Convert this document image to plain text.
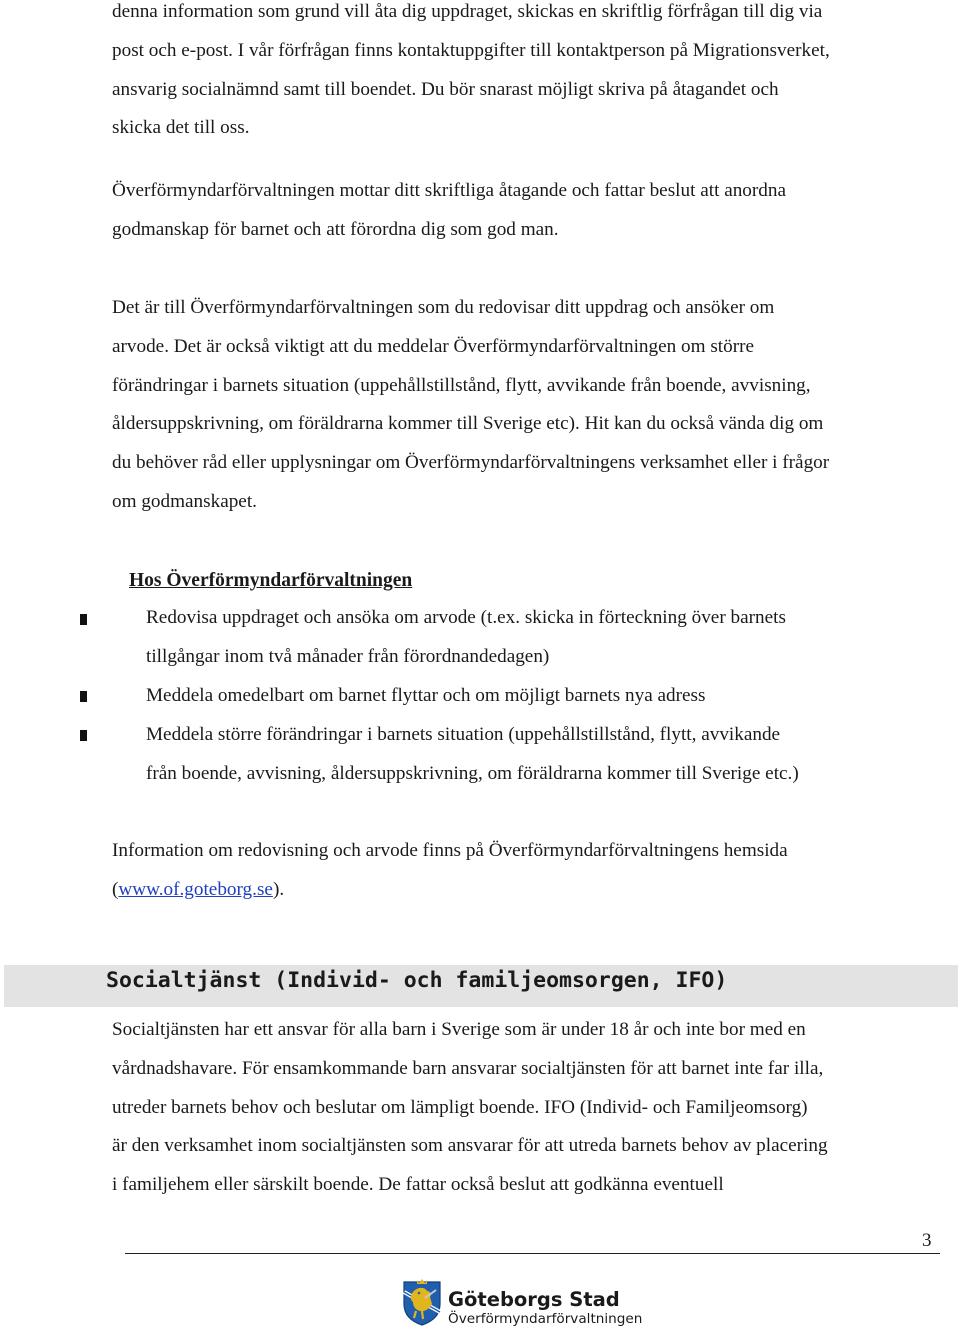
denna information som grund vill åta dig uppdraget, skickas en skriftlig förfrågan till dig via
post och e-post. I vår förfrågan finns kontaktuppgifter till kontaktperson på Migrationsverket,
ansvarig socialnämnd samt till boendet. Du bör snarast möjligt skriva på åtagandet och
skicka det till oss.

Överförmyndarförvaltningen mottar ditt skriftliga åtagande och fattar beslut att anordna
godmanskap för barnet och att förordna dig som god man.

Det är till Överförmyndarförvaltningen som du redovisar ditt uppdrag och ansöker om
arvode. Det är också viktigt att du meddelar Överförmyndarförvaltningen om större
förändringar i barnets situation (uppehållstillstånd, flytt, avvikande från boende, avvisning,
åldersuppskrivning, om föräldrarna kommer till Sverige etc). Hit kan du också vända dig om
du behöver råd eller upplysningar om Överförmyndarförvaltningens verksamhet eller i frågor
om godmanskapet.

Hos Överförmyndarförvaltningen
Redovisa uppdraget och ansöka om arvode (t.ex. skicka in förteckning över barnets
tillgångar inom två månader från förordnandedagen)
Meddela omedelbart om barnet flyttar och om möjligt barnets nya adress
Meddela större förändringar i barnets situation (uppehållstillstånd, flytt, avvikande
från boende, avvisning, åldersuppskrivning, om föräldrarna kommer till Sverige etc.)

Information om redovisning och arvode finns på Överförmyndarförvaltningens hemsida
(www.of.goteborg.se).

Socialtjänst (Individ- och familjeomsorgen, IFO)

Socialtjänsten har ett ansvar för alla barn i Sverige som är under 18 år och inte bor med en
vårdnadshavare. För ensamkommande barn ansvarar socialtjänsten för att barnet inte far illa,
utreder barnets behov och beslutar om lämpligt boende. IFO (Individ- och Familjeomsorg)
är den verksamhet inom socialtjänsten som ansvarar för att utreda barnets behov av placering
i familjehem eller särskilt boende. De fattar också beslut att godkänna eventuell

3
Göteborgs Stad
Överförmyndarförvaltningen
